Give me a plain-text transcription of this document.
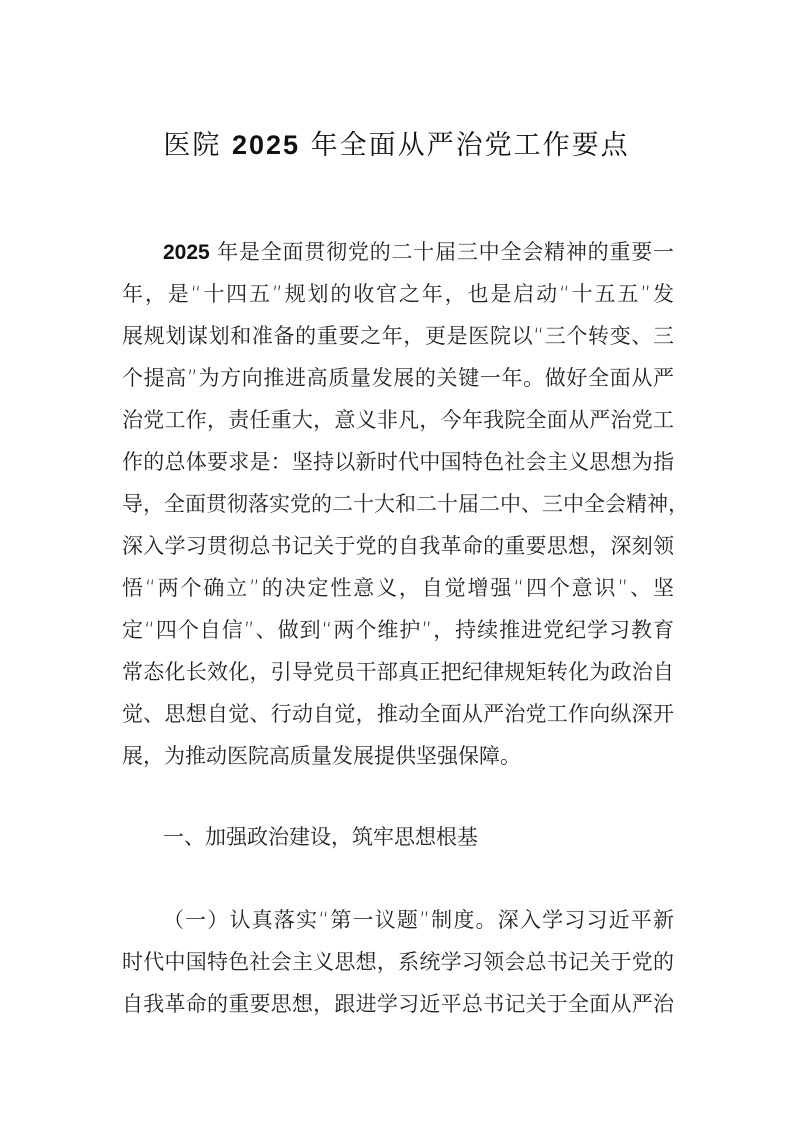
医院 2025 年全面从严治党工作要点
2025 年是全面贯彻党的二十届三中全会精神的重要一
年，是“十四五”规划的收官之年，也是启动“十五五”发
展规划谋划和准备的重要之年，更是医院以“三个转变、三
个提高”为方向推进高质量发展的关键一年。做好全面从严
治党工作，责任重大，意义非凡，今年我院全面从严治党工
作的总体要求是：坚持以新时代中国特色社会主义思想为指
导，全面贯彻落实党的二十大和二十届二中、三中全会精神，
深入学习贯彻总书记关于党的自我革命的重要思想，深刻领
悟“两个确立”的决定性意义，自觉增强“四个意识”、坚
定“四个自信”、做到“两个维护”，持续推进党纪学习教育
常态化长效化，引导党员干部真正把纪律规矩转化为政治自
觉、思想自觉、行动自觉，推动全面从严治党工作向纵深开
展，为推动医院高质量发展提供坚强保障。
一、加强政治建设，筑牢思想根基
（一）认真落实“第一议题”制度。深入学习习近平新
时代中国特色社会主义思想，系统学习领会总书记关于党的
自我革命的重要思想，跟进学习近平总书记关于全面从严治
